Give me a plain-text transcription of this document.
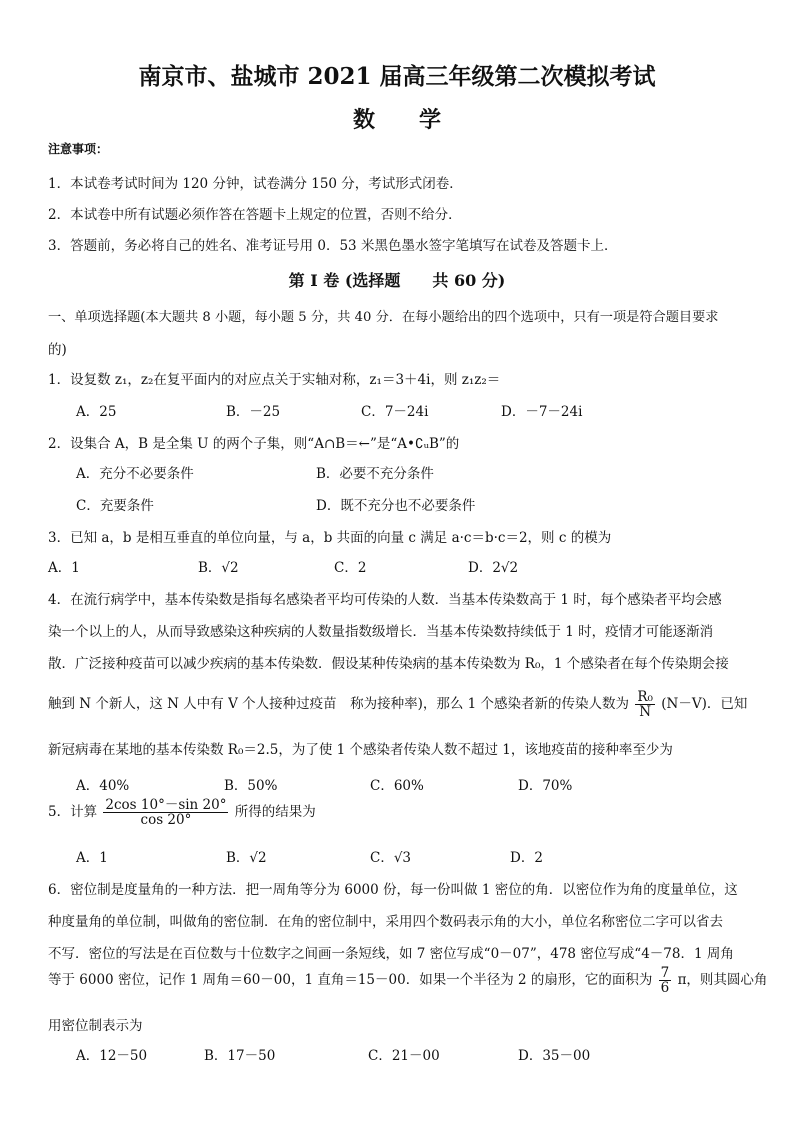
南京市、盐城市 2021 届高三年级第二次模拟考试
数学
注意事项：
1．本试卷考试时间为 120 分钟，试卷满分 150 分，考试形式闭卷．
2．本试卷中所有试题必须作答在答题卡上规定的位置，否则不给分．
3．答题前，务必将自己的姓名、准考证号用 0．53 米黑色墨水签字笔填写在试卷及答题卡上．
第 I 卷 (选择题　　共 60 分)
一、单项选择题(本大题共 8 小题，每小题 5 分，共 40 分．在每小题给出的四个选项中，只有一项是符合题目要求
的)
1．设复数 z₁，z₂在复平面内的对应点关于实轴对称，z₁＝3＋4i，则 z₁z₂＝
A．25	B．－25	C．7－24i	D．－7－24i
2．设集合 A，B 是全集 U 的两个子集，则“A∩B＝←”是“A•∁ᵤB”的
A．充分不必要条件	B．必要不充分条件
C．充要条件	D．既不充分也不必要条件
3．已知 a，b 是相互垂直的单位向量，与 a，b 共面的向量 c 满足 a·c＝b·c＝2，则 c 的模为
A．1	B．√2	C．2	D．2√2
4．在流行病学中，基本传染数是指每名感染者平均可传染的人数．当基本传染数高于 1 时，每个感染者平均会感
染一个以上的人，从而导致感染这种疾病的人数量指数级增长．当基本传染数持续低于 1 时，疫情才可能逐渐消
散．广泛接种疫苗可以减少疾病的基本传染数．假设某种传染病的基本传染数为 R₀，1 个感染者在每个传染期会接
触到 N 个新人，这 N 人中有 V 个人接种过疫苗　称为接种率)，那么 1 个感染者新的传染人数为 $\frac{\text{R₀}}{N} (N-V)$．已知
新冠病毒在某地的基本传染数 R₀＝2.5，为了使 1 个感染者传染人数不超过 1，该地疫苗的接种率至少为
A．40%	B．50%	C．60%	D．70%
5．计算 $\frac{2\cos 10^\circ-\sin 20^\circ}{\cos 20^\circ}$ 所得的结果为
A．1	B．√2	C．√3	D．2
6．密位制是度量角的一种方法．把一周角等分为 6000 份，每一份叫做 1 密位的角．以密位作为角的度量单位，这
种度量角的单位制，叫做角的密位制．在角的密位制中，采用四个数码表示角的大小，单位名称密位二字可以省去
不写．密位的写法是在百位数与十位数字之间画一条短线，如 7 密位写成“0－07”，478 密位写成“4－78．1 周角
等于 6000 密位，记作 1 周角＝60－00，1 直角＝15－00．如果一个半径为 2 的扇形，它的面积为 $\frac{7}{6}$ π，则其圆心角
用密位制表示为
A．12－50	B．17－50	C．21－00	D．35－00
